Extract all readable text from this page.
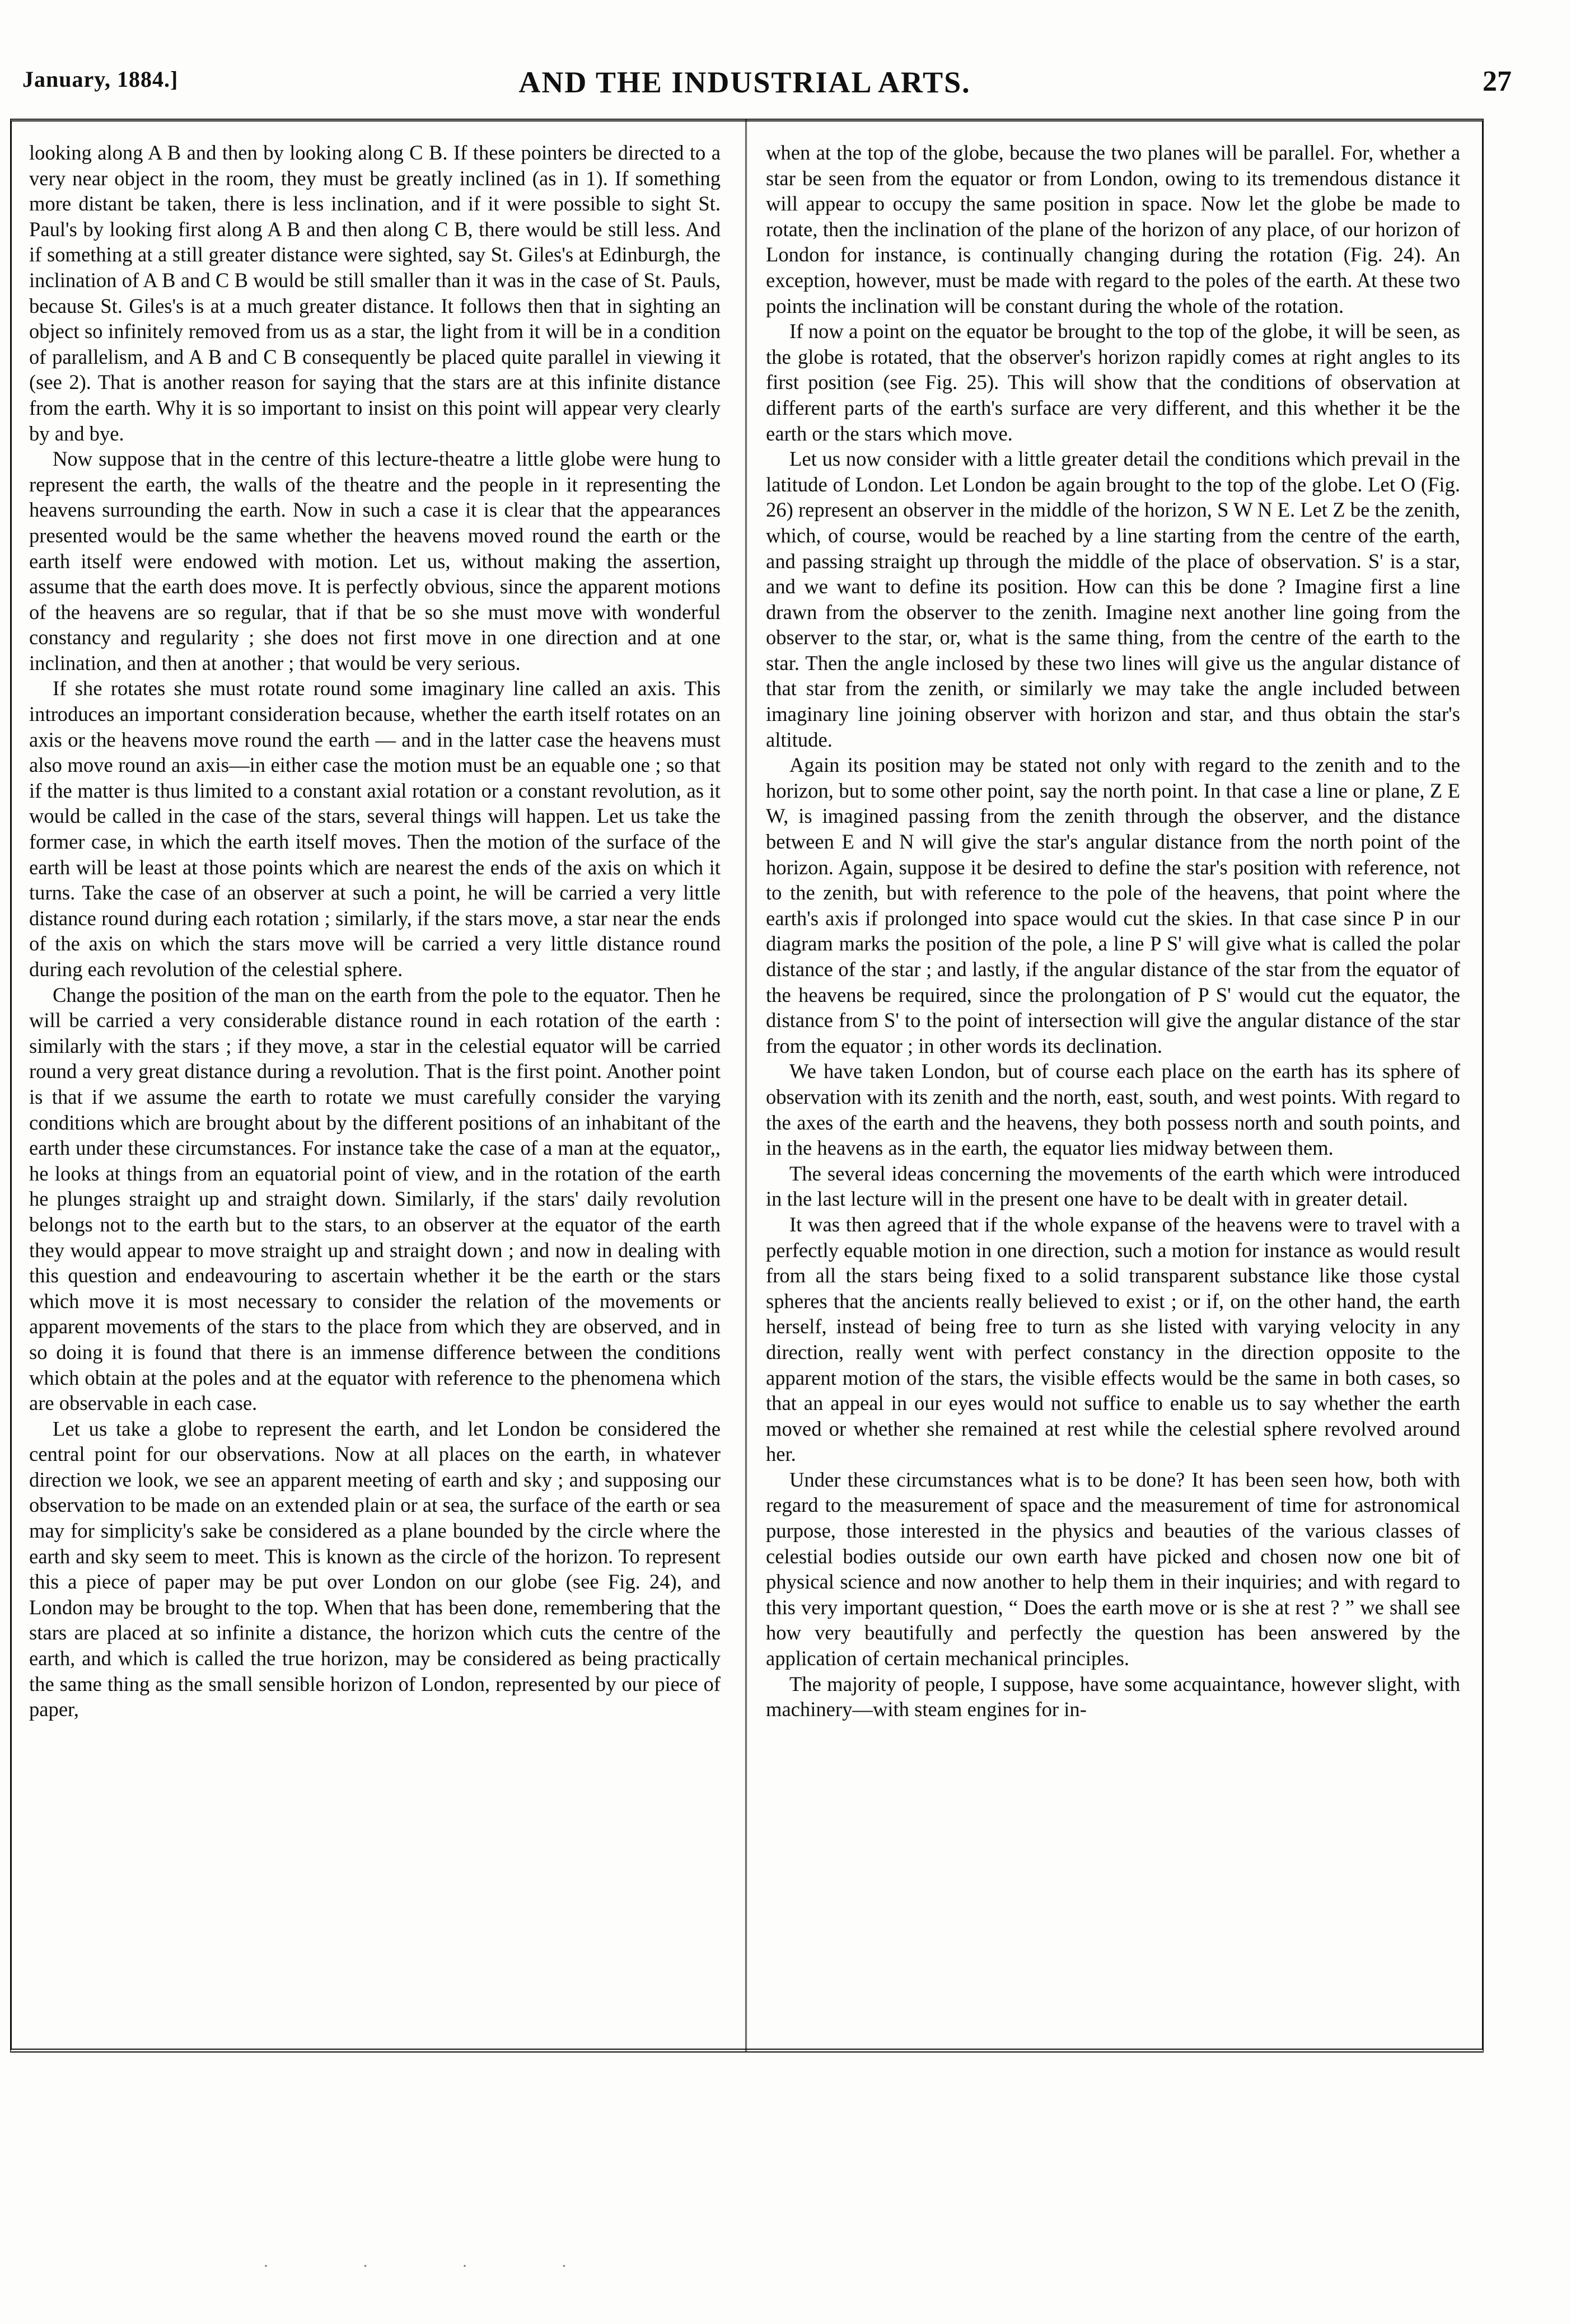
January, 1884.]	AND THE INDUSTRIAL ARTS.	27

looking along A B and then by looking along C B. If these pointers be directed to a very near object in the room, they must be greatly inclined (as in 1). If something more distant be taken, there is less inclination, and if it were possible to sight St. Paul's by looking first along A B and then along C B, there would be still less. And if something at a still greater distance were sighted, say St. Giles's at Edinburgh, the inclination of A B and C B would be still smaller than it was in the case of St. Pauls, because St. Giles's is at a much greater distance. It follows then that in sighting an object so infinitely removed from us as a star, the light from it will be in a condition of parallelism, and A B and C B consequently be placed quite parallel in viewing it (see 2). That is another reason for saying that the stars are at this infinite distance from the earth. Why it is so important to insist on this point will appear very clearly by and bye.

Now suppose that in the centre of this lecture-theatre a little globe were hung to represent the earth, the walls of the theatre and the people in it representing the heavens surrounding the earth. Now in such a case it is clear that the appearances presented would be the same whether the heavens moved round the earth or the earth itself were endowed with motion. Let us, without making the assertion, assume that the earth does move. It is perfectly obvious, since the apparent motions of the heavens are so regular, that if that be so she must move with wonderful constancy and regularity ; she does not first move in one direction and at one inclination, and then at another ; that would be very serious.

If she rotates she must rotate round some imaginary line called an axis. This introduces an important consideration because, whether the earth itself rotates on an axis or the heavens move round the earth — and in the latter case the heavens must also move round an axis—in either case the motion must be an equable one ; so that if the matter is thus limited to a constant axial rotation or a constant revolution, as it would be called in the case of the stars, several things will happen. Let us take the former case, in which the earth itself moves. Then the motion of the surface of the earth will be least at those points which are nearest the ends of the axis on which it turns. Take the case of an observer at such a point, he will be carried a very little distance round during each rotation ; similarly, if the stars move, a star near the ends of the axis on which the stars move will be carried a very little distance round during each revolution of the celestial sphere.

Change the position of the man on the earth from the pole to the equator. Then he will be carried a very considerable distance round in each rotation of the earth : similarly with the stars ; if they move, a star in the celestial equator will be carried round a very great distance during a revolution. That is the first point. Another point is that if we assume the earth to rotate we must carefully consider the varying conditions which are brought about by the different positions of an inhabitant of the earth under these circumstances. For instance take the case of a man at the equator,, he looks at things from an equatorial point of view, and in the rotation of the earth he plunges straight up and straight down. Similarly, if the stars' daily revolution belongs not to the earth but to the stars, to an observer at the equator of the earth they would appear to move straight up and straight down ; and now in dealing with this question and endeavouring to ascertain whether it be the earth or the stars which move it is most necessary to consider the relation of the movements or apparent movements of the stars to the place from which they are observed, and in so doing it is found that there is an immense difference between the conditions which obtain at the poles and at the equator with reference to the phenomena which are observable in each case.

Let us take a globe to represent the earth, and let London be considered the central point for our observations. Now at all places on the earth, in whatever direction we look, we see an apparent meeting of earth and sky ; and supposing our observation to be made on an extended plain or at sea, the surface of the earth or sea may for simplicity's sake be considered as a plane bounded by the circle where the earth and sky seem to meet. This is known as the circle of the horizon. To represent this a piece of paper may be put over London on our globe (see Fig. 24), and London may be brought to the top. When that has been done, remembering that the stars are placed at so infinite a distance, the horizon which cuts the centre of the earth, and which is called the true horizon, may be considered as being practically the same thing as the small sensible horizon of London, represented by our piece of paper,

when at the top of the globe, because the two planes will be parallel. For, whether a star be seen from the equator or from London, owing to its tremendous distance it will appear to occupy the same position in space. Now let the globe be made to rotate, then the inclination of the plane of the horizon of any place, of our horizon of London for instance, is continually changing during the rotation (Fig. 24). An exception, however, must be made with regard to the poles of the earth. At these two points the inclination will be constant during the whole of the rotation.

If now a point on the equator be brought to the top of the globe, it will be seen, as the globe is rotated, that the observer's horizon rapidly comes at right angles to its first position (see Fig. 25). This will show that the conditions of observation at different parts of the earth's surface are very different, and this whether it be the earth or the stars which move.

Let us now consider with a little greater detail the conditions which prevail in the latitude of London. Let London be again brought to the top of the globe. Let O (Fig. 26) represent an observer in the middle of the horizon, S W N E. Let Z be the zenith, which, of course, would be reached by a line starting from the centre of the earth, and passing straight up through the middle of the place of observation. S' is a star, and we want to define its position. How can this be done ? Imagine first a line drawn from the observer to the zenith. Imagine next another line going from the observer to the star, or, what is the same thing, from the centre of the earth to the star. Then the angle inclosed by these two lines will give us the angular distance of that star from the zenith, or similarly we may take the angle included between imaginary line joining observer with horizon and star, and thus obtain the star's altitude.

Again its position may be stated not only with regard to the zenith and to the horizon, but to some other point, say the north point. In that case a line or plane, Z E W, is imagined passing from the zenith through the observer, and the distance between E and N will give the star's angular distance from the north point of the horizon. Again, suppose it be desired to define the star's position with reference, not to the zenith, but with reference to the pole of the heavens, that point where the earth's axis if prolonged into space would cut the skies. In that case since P in our diagram marks the position of the pole, a line P S' will give what is called the polar distance of the star ; and lastly, if the angular distance of the star from the equator of the heavens be required, since the prolongation of P S' would cut the equator, the distance from S' to the point of intersection will give the angular distance of the star from the equator ; in other words its declination.

We have taken London, but of course each place on the earth has its sphere of observation with its zenith and the north, east, south, and west points. With regard to the axes of the earth and the heavens, they both possess north and south points, and in the heavens as in the earth, the equator lies midway between them.

The several ideas concerning the movements of the earth which were introduced in the last lecture will in the present one have to be dealt with in greater detail.

It was then agreed that if the whole expanse of the heavens were to travel with a perfectly equable motion in one direction, such a motion for instance as would result from all the stars being fixed to a solid transparent substance like those cystal spheres that the ancients really believed to exist ; or if, on the other hand, the earth herself, instead of being free to turn as she listed with varying velocity in any direction, really went with perfect constancy in the direction opposite to the apparent motion of the stars, the visible effects would be the same in both cases, so that an appeal in our eyes would not suffice to enable us to say whether the earth moved or whether she remained at rest while the celestial sphere revolved around her.

Under these circumstances what is to be done? It has been seen how, both with regard to the measurement of space and the measurement of time for astronomical purpose, those interested in the physics and beauties of the various classes of celestial bodies outside our own earth have picked and chosen now one bit of physical science and now another to help them in their inquiries; and with regard to this very important question, “ Does the earth move or is she at rest ? ” we shall see how very beautifully and perfectly the question has been answered by the application of certain mechanical principles.

The majority of people, I suppose, have some acquaintance, however slight, with machinery—with steam engines for in-

· · · ·
